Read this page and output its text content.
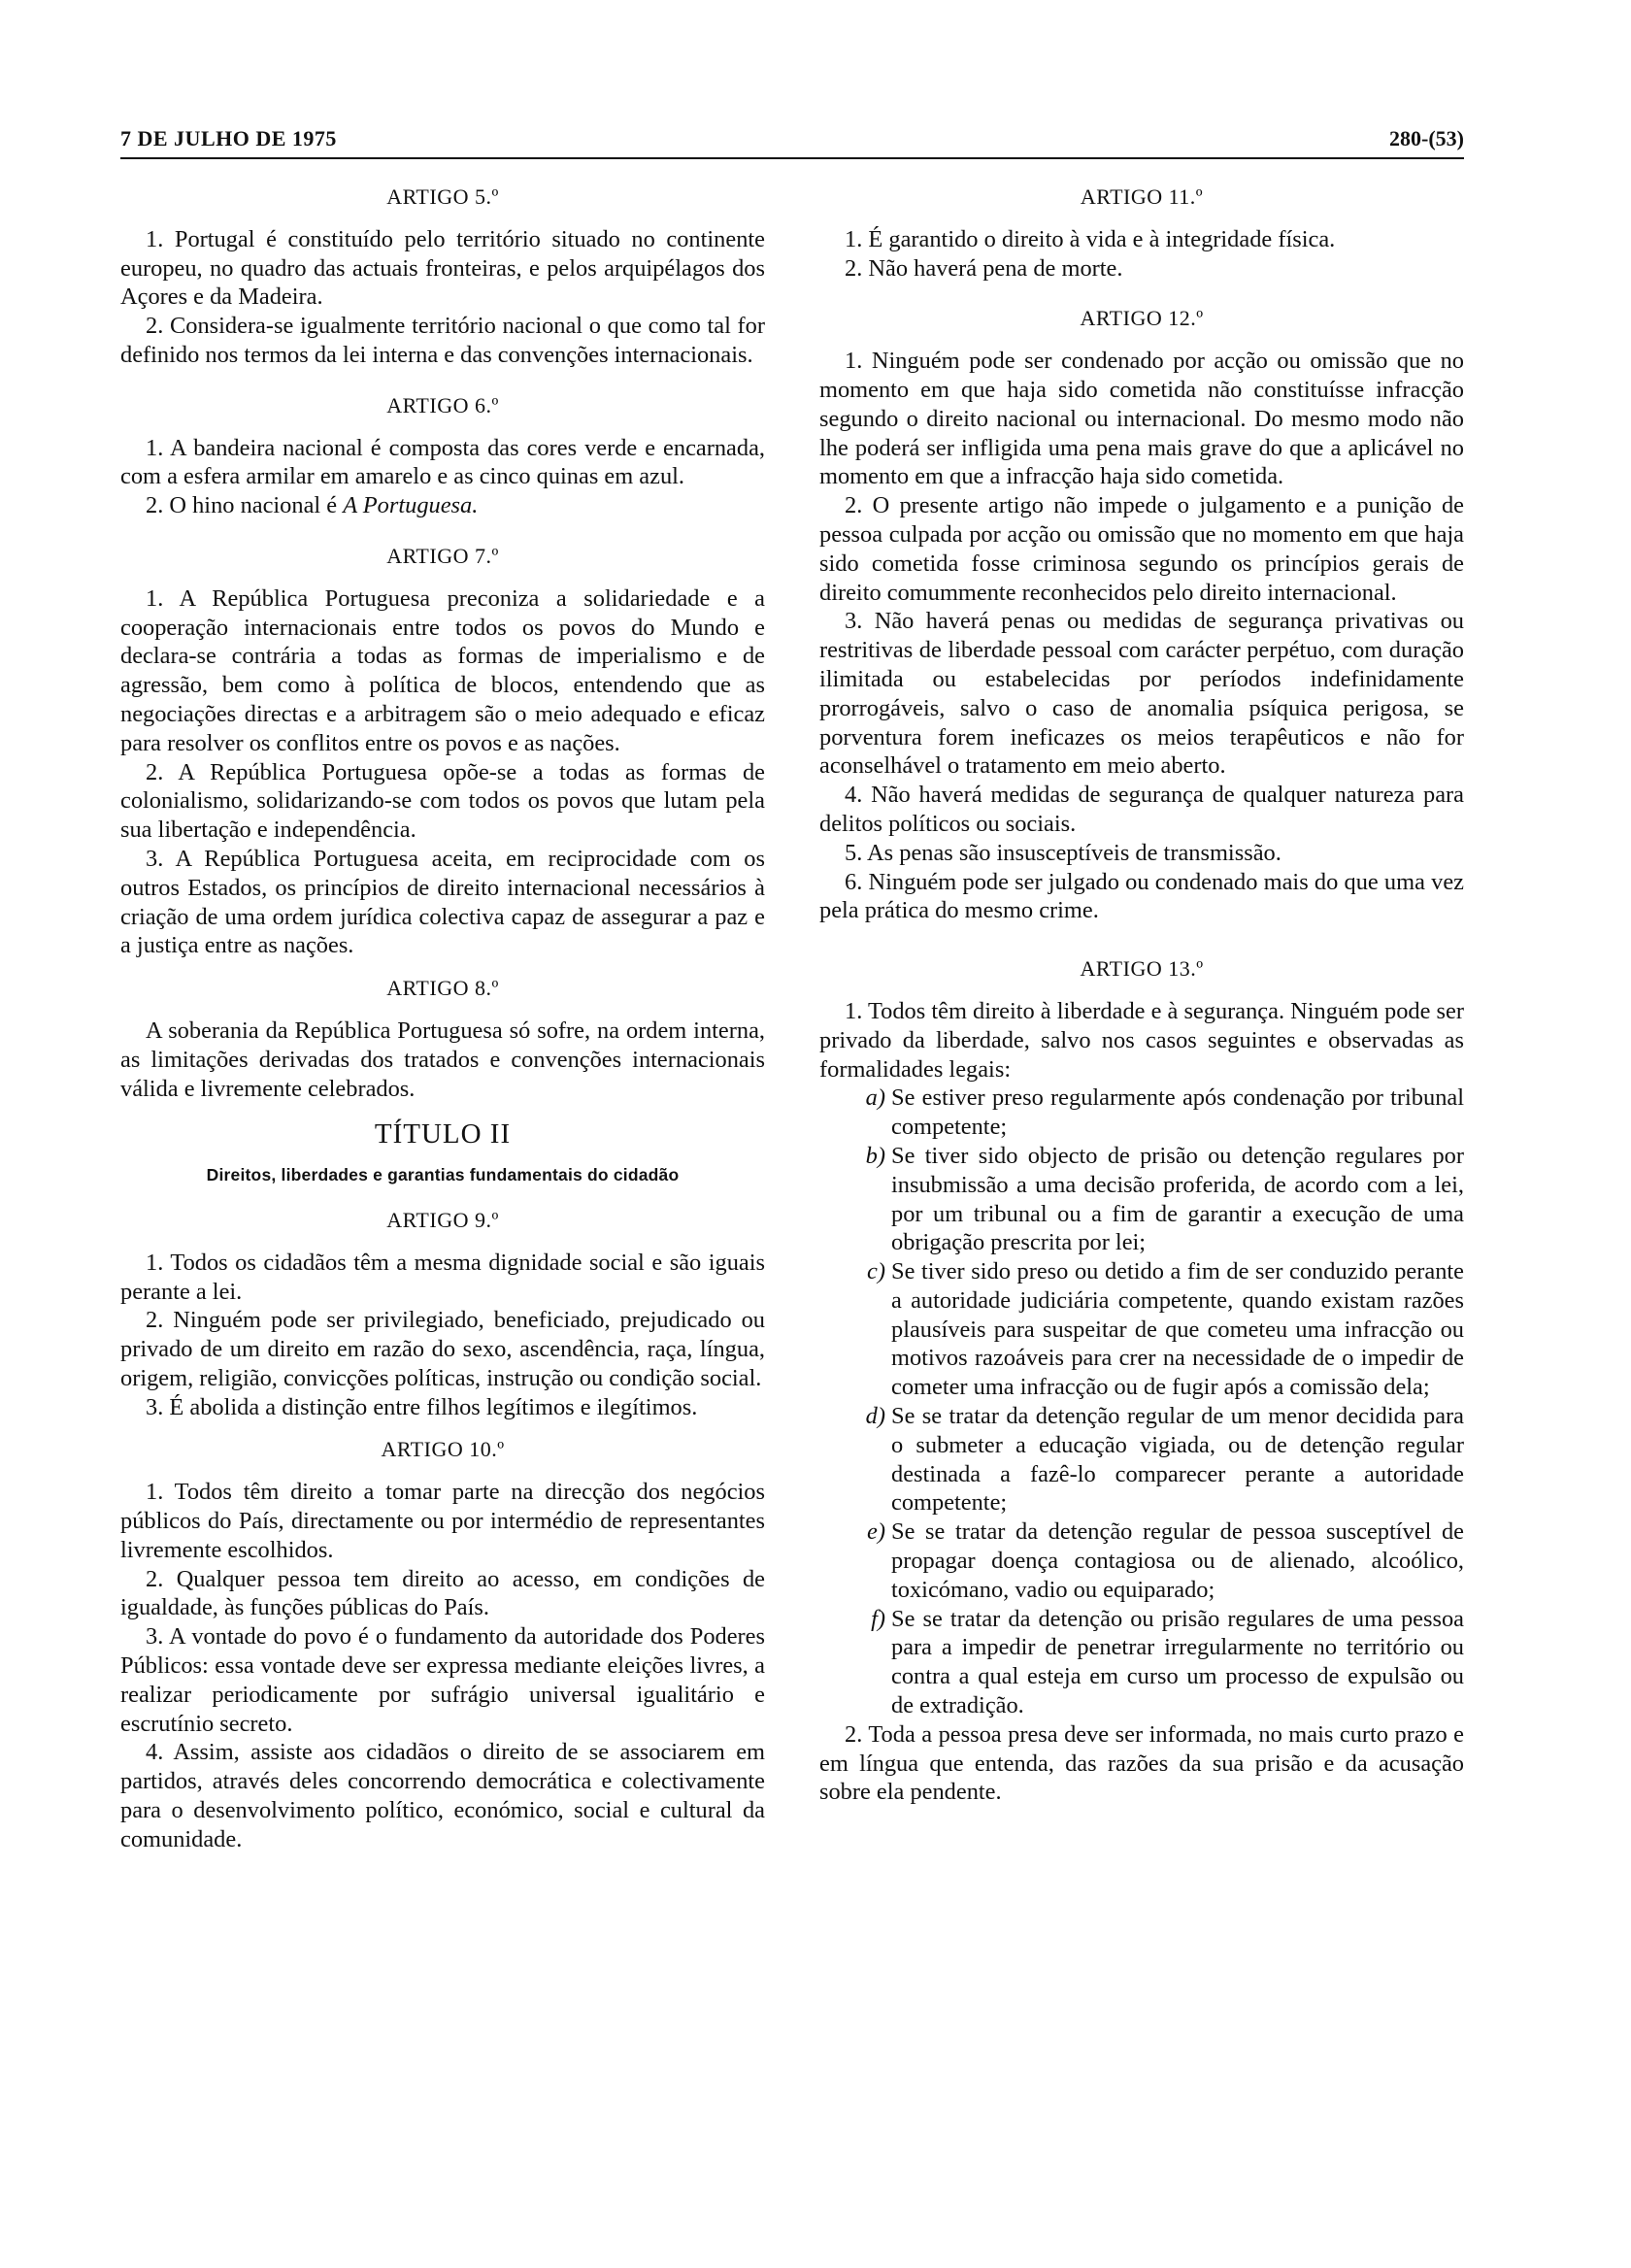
7 DE JULHO DE 1975	280-(53)
ARTIGO 5.º

1. Portugal é constituído pelo território situado no continente europeu, no quadro das actuais fronteiras, e pelos arquipélagos dos Açores e da Madeira.

2. Considera-se igualmente território nacional o que como tal for definido nos termos da lei interna e das convenções internacionais.

ARTIGO 6.º

1. A bandeira nacional é composta das cores verde e encarnada, com a esfera armilar em amarelo e as cinco quinas em azul.

2. O hino nacional é A Portuguesa.

ARTIGO 7.º

1. A República Portuguesa preconiza a solidariedade e a cooperação internacionais entre todos os povos do Mundo e declara-se contrária a todas as formas de imperialismo e de agressão, bem como à política de blocos, entendendo que as negociações directas e a arbitragem são o meio adequado e eficaz para resolver os conflitos entre os povos e as nações.

2. A República Portuguesa opõe-se a todas as formas de colonialismo, solidarizando-se com todos os povos que lutam pela sua libertação e independência.

3. A República Portuguesa aceita, em reciprocidade com os outros Estados, os princípios de direito internacional necessários à criação de uma ordem jurídica colectiva capaz de assegurar a paz e a justiça entre as nações.

ARTIGO 8.º

A soberania da República Portuguesa só sofre, na ordem interna, as limitações derivadas dos tratados e convenções internacionais válida e livremente celebrados.

TÍTULO II
Direitos, liberdades e garantias fundamentais do cidadão
ARTIGO 9.º

1. Todos os cidadãos têm a mesma dignidade social e são iguais perante a lei.

2. Ninguém pode ser privilegiado, beneficiado, prejudicado ou privado de um direito em razão do sexo, ascendência, raça, língua, origem, religião, convicções políticas, instrução ou condição social.

3. É abolida a distinção entre filhos legítimos e ilegítimos.

ARTIGO 10.º

1. Todos têm direito a tomar parte na direcção dos negócios públicos do País, directamente ou por intermédio de representantes livremente escolhidos.

2. Qualquer pessoa tem direito ao acesso, em condições de igualdade, às funções públicas do País.

3. A vontade do povo é o fundamento da autoridade dos Poderes Públicos: essa vontade deve ser expressa mediante eleições livres, a realizar periodicamente por sufrágio universal igualitário e escrutínio secreto.

4. Assim, assiste aos cidadãos o direito de se associarem em partidos, através deles concorrendo democrática e colectivamente para o desenvolvimento político, económico, social e cultural da comunidade.

ARTIGO 11.º

1. É garantido o direito à vida e à integridade física.

2. Não haverá pena de morte.

ARTIGO 12.º

1. Ninguém pode ser condenado por acção ou omissão que no momento em que haja sido cometida não constituísse infracção segundo o direito nacional ou internacional. Do mesmo modo não lhe poderá ser infligida uma pena mais grave do que a aplicável no momento em que a infracção haja sido cometida.

2. O presente artigo não impede o julgamento e a punição de pessoa culpada por acção ou omissão que no momento em que haja sido cometida fosse criminosa segundo os princípios gerais de direito comummente reconhecidos pelo direito internacional.

3. Não haverá penas ou medidas de segurança privativas ou restritivas de liberdade pessoal com carácter perpétuo, com duração ilimitada ou estabelecidas por períodos indefinidamente prorrogáveis, salvo o caso de anomalia psíquica perigosa, se porventura forem ineficazes os meios terapêuticos e não for aconselhável o tratamento em meio aberto.

4. Não haverá medidas de segurança de qualquer natureza para delitos políticos ou sociais.

5. As penas são insusceptíveis de transmissão.

6. Ninguém pode ser julgado ou condenado mais do que uma vez pela prática do mesmo crime.

ARTIGO 13.º

1. Todos têm direito à liberdade e à segurança. Ninguém pode ser privado da liberdade, salvo nos casos seguintes e observadas as formalidades legais:

a) Se estiver preso regularmente após condenação por tribunal competente;
b) Se tiver sido objecto de prisão ou detenção regulares por insubmissão a uma decisão proferida, de acordo com a lei, por um tribunal ou a fim de garantir a execução de uma obrigação prescrita por lei;
c) Se tiver sido preso ou detido a fim de ser conduzido perante a autoridade judiciária competente, quando existam razões plausíveis para suspeitar de que cometeu uma infracção ou motivos razoáveis para crer na necessidade de o impedir de cometer uma infracção ou de fugir após a comissão dela;
d) Se se tratar da detenção regular de um menor decidida para o submeter a educação vigiada, ou de detenção regular destinada a fazê-lo comparecer perante a autoridade competente;
e) Se se tratar da detenção regular de pessoa susceptível de propagar doença contagiosa ou de alienado, alcoólico, toxicómano, vadio ou equiparado;
f) Se se tratar da detenção ou prisão regulares de uma pessoa para a impedir de penetrar irregularmente no território ou contra a qual esteja em curso um processo de expulsão ou de extradição.

2. Toda a pessoa presa deve ser informada, no mais curto prazo e em língua que entenda, das razões da sua prisão e da acusação sobre ela pendente.
